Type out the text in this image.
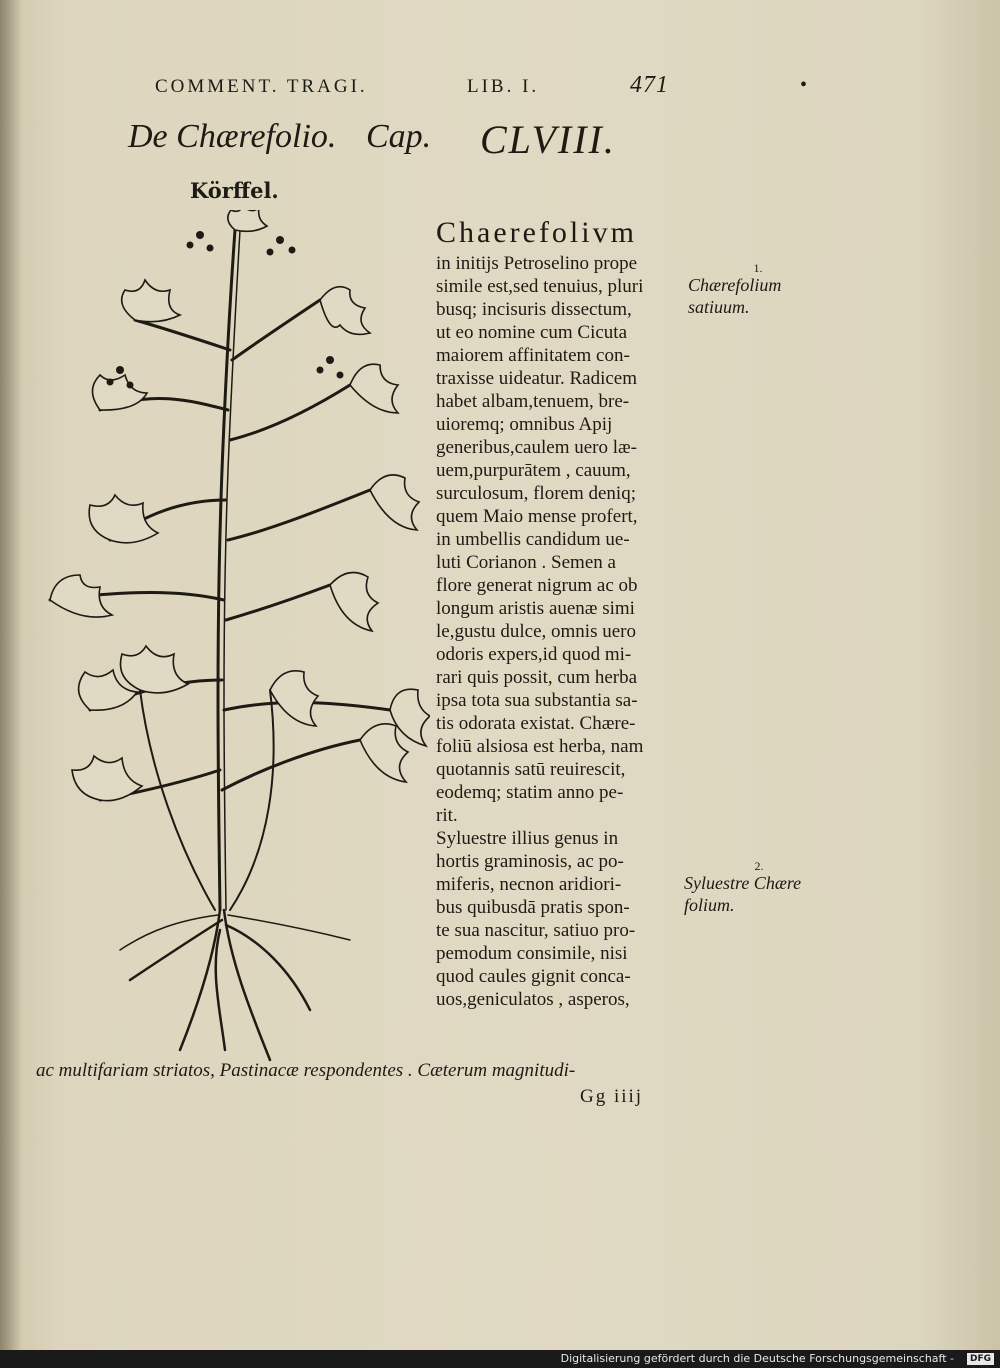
COMMENT. TRAGI.	LIB. I.	471	•
De Chærefolio. Cap. CLVIII.
Körffel.
Chaerefolivm
in initijs Petroselino prope
simile est,sed tenuius, pluri
busq; incisuris dissectum,
ut eo nomine cum Cicuta
maiorem affinitatem con-
traxisse uideatur. Radicem
habet albam,tenuem, bre-
uioremq; omnibus Apij
generibus,caulem uero læ-
uem,purpurātem , cauum,
surculosum, florem deniq;
quem Maio mense profert,
in umbellis candidum ue-
luti Corianon . Semen a
flore generat nigrum ac ob
longum aristis auenæ simi
le,gustu dulce, omnis uero
odoris expers,id quod mi-
rari quis possit, cum herba
ipsa tota sua substantia sa-
tis odorata existat. Chære-
foliū alsiosa est herba, nam
quotannis satū reuirescit,
eodemq; statim anno pe-
rit.
Syluestre illius genus in
hortis graminosis, ac po-
miferis, necnon aridiori-
bus quibusdā pratis spon-
te sua nascitur, satiuo pro-
pemodum consimile, nisi
quod caules gignit conca-
uos,geniculatos , asperos,
ac multifariam striatos, Pastinacæ respondentes . Cæterum magnitudi-
Gg iiij
1.
Chærefolium
satiuum.
2.
Syluestre Chære
folium.
Digitalisierung gefördert durch die Deutsche Forschungsgemeinschaft -	DFG
